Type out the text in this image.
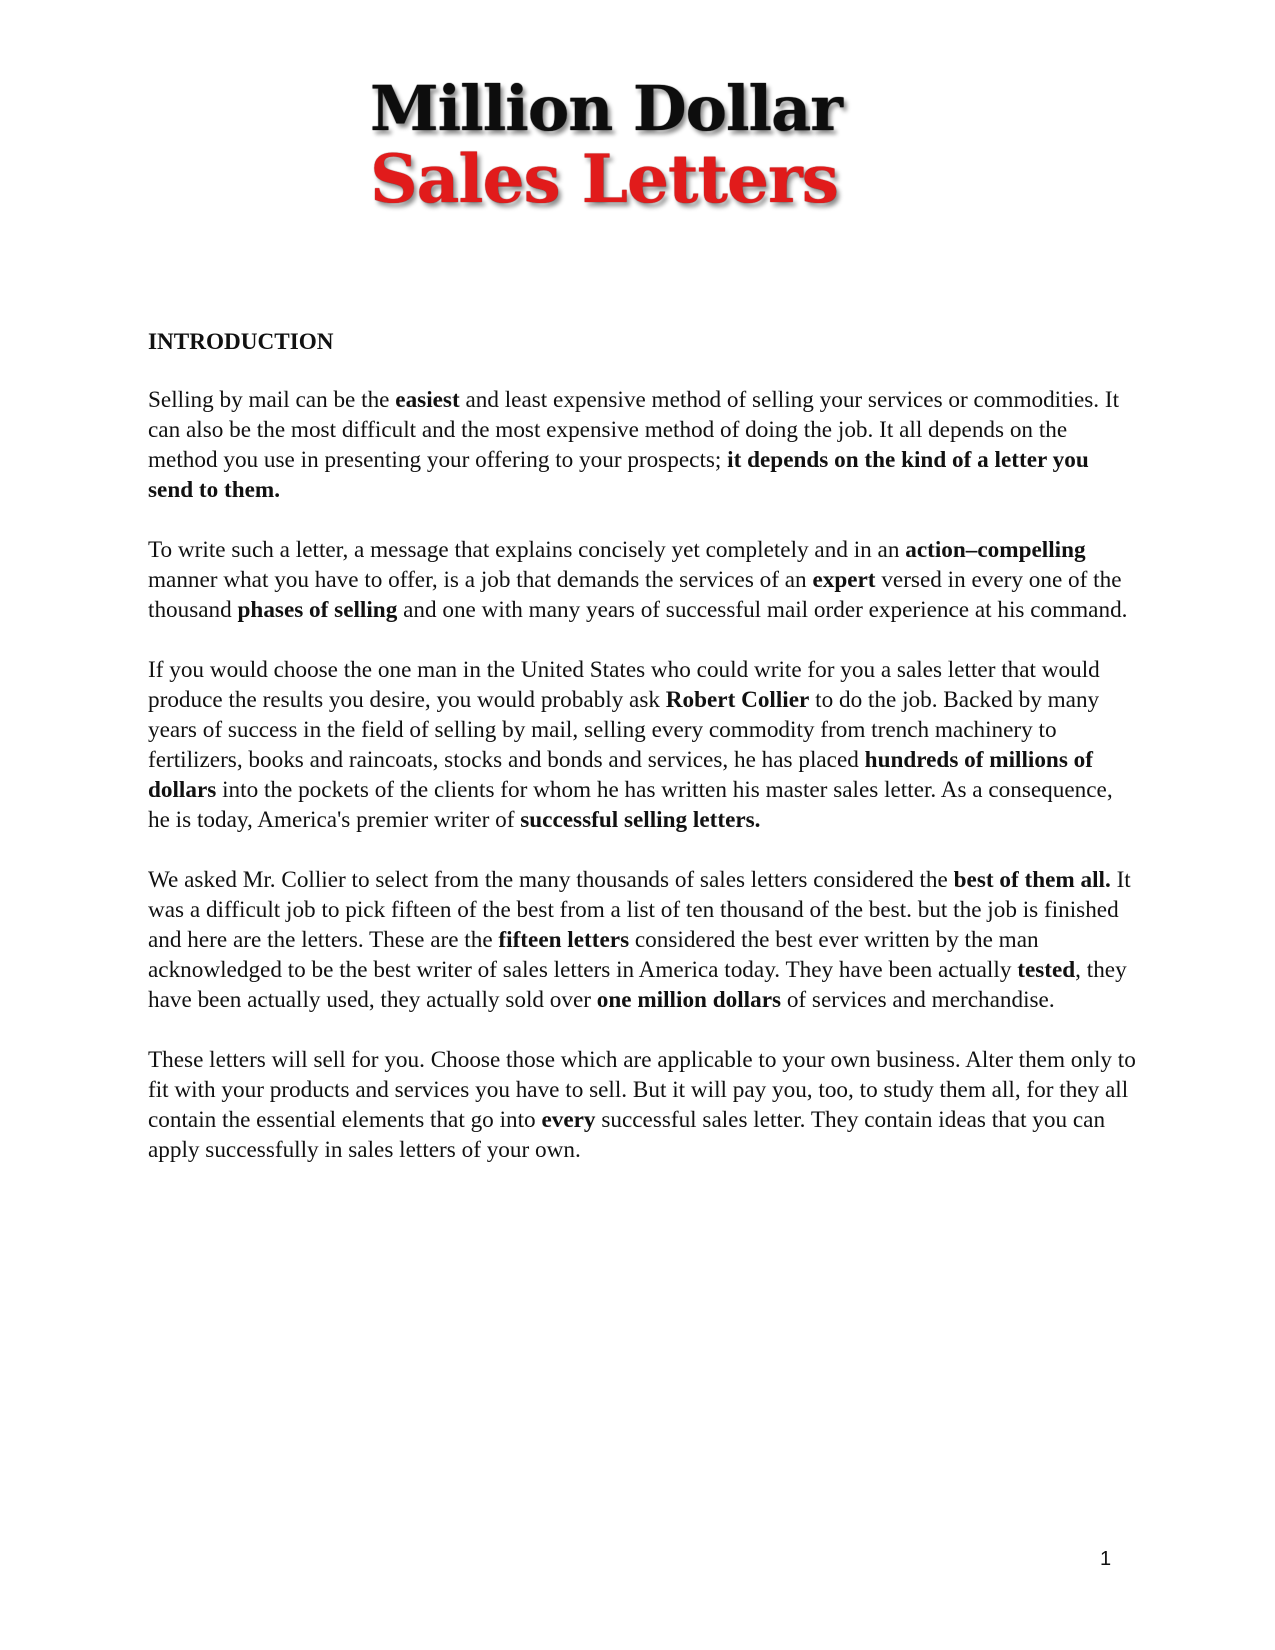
Million Dollar
Sales Letters
INTRODUCTION

Selling by mail can be the easiest and least expensive method of selling your services or commodities. It can also be the most difficult and the most expensive method of doing the job. It all depends on the method you use in presenting your offering to your prospects; it depends on the kind of a letter you send to them.

To write such a letter, a message that explains concisely yet completely and in an action–compelling manner what you have to offer, is a job that demands the services of an expert versed in every one of the thousand phases of selling and one with many years of successful mail order experience at his command.

If you would choose the one man in the United States who could write for you a sales letter that would produce the results you desire, you would probably ask Robert Collier to do the job. Backed by many years of success in the field of selling by mail, selling every commodity from trench machinery to fertilizers, books and raincoats, stocks and bonds and services, he has placed hundreds of millions of dollars into the pockets of the clients for whom he has written his master sales letter. As a consequence, he is today, America's premier writer of successful selling letters.

We asked Mr. Collier to select from the many thousands of sales letters considered the best of them all. It was a difficult job to pick fifteen of the best from a list of ten thousand of the best. but the job is finished and here are the letters. These are the fifteen letters considered the best ever written by the man acknowledged to be the best writer of sales letters in America today. They have been actually tested, they have been actually used, they actually sold over one million dollars of services and merchandise.

These letters will sell for you. Choose those which are applicable to your own business. Alter them only to fit with your products and services you have to sell. But it will pay you, too, to study them all, for they all contain the essential elements that go into every successful sales letter. They contain ideas that you can apply successfully in sales letters of your own.

1
